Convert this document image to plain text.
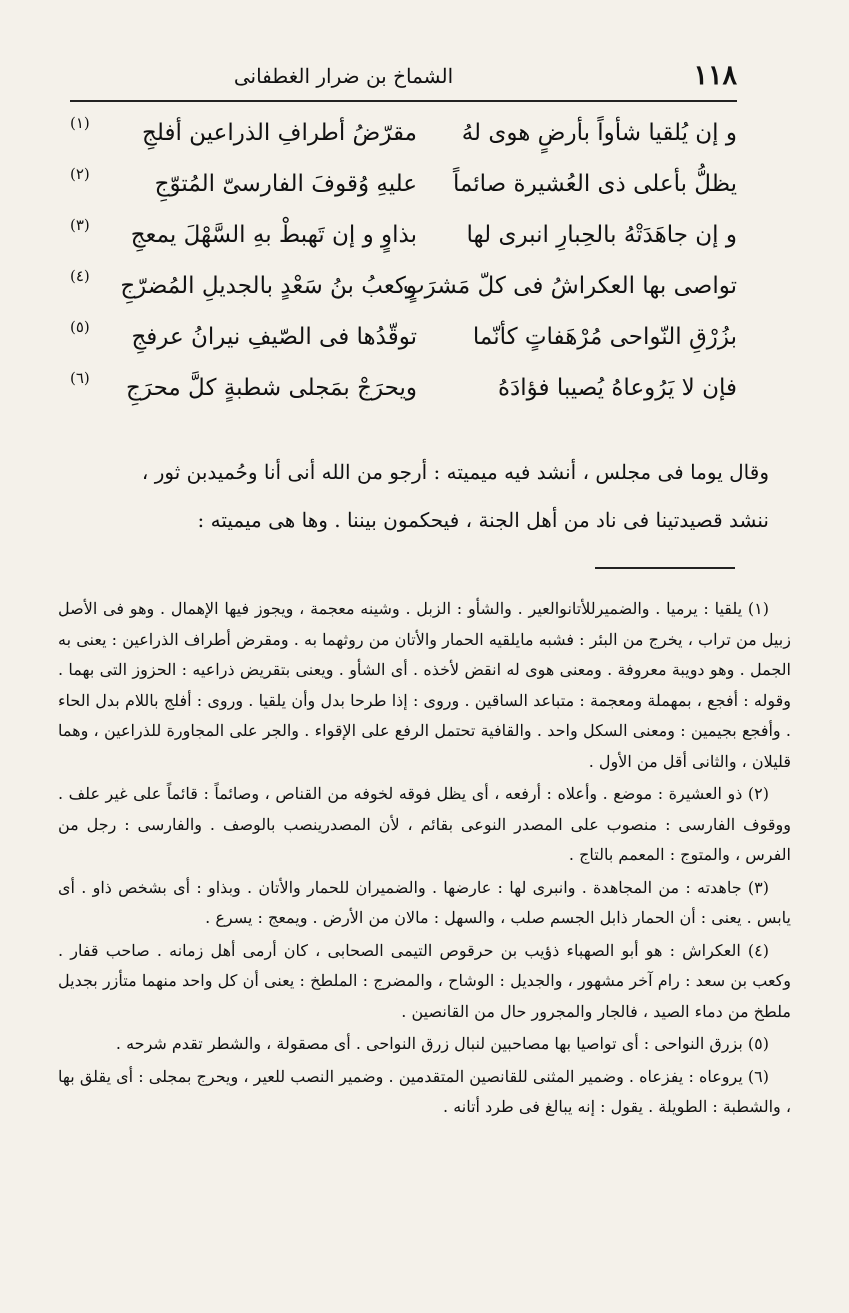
١١٨
الشماخ بن ضرار الغطفانى
و إن يُلقيا شأواً بأرضٍ هوى لهُ
مقرّضُ أطرافِ الذراعين أفلجِ
(١)
يظلُّ بأعلى ذى العُشيرة صائماً
عليهِ وُقوفَ الفارسىّ المُتوّجِ
(٢)
و إن جاهَدَتْهُ بالحِبارِ انبرى لها
بذاوٍ و إن تَهبطْ بهِ السَّهْلَ يمعجِ
(٣)
تواصى بها العكراشُ فى كلّ مَشرَبٍ
وكعبُ بنُ سَعْدٍ بالجديلِ المُضرّجِ
(٤)
بزُرْقِ النّواحى مُرْهَفاتٍ كأنّما
توقّدُها فى الصّيفِ نيرانُ عرفجِ
(٥)
فإن لا يَرُوعاهُ يُصيبا فؤادَهُ
ويحرَجْ بمَجلى شطبةٍ كلَّ محرَجِ
(٦)

وقال يوما فى مجلس ، أنشد فيه ميميته : أرجو من الله أنى أنا وحُميدبن ثور ،

ننشد قصيدتينا فى ناد من أهل الجنة ، فيحكمون بيننا . وها هى ميميته :

(١) يلقيا : يرميا . والضميرللأتانوالعير . والشأو : الزبل . وشينه معجمة ، ويجوز فيها الإهمال . وهو فى الأصل زبيل من تراب ، يخرج من البئر : فشبه مايلقيه الحمار والأتان من روثهما به . ومقرض أطراف الذراعين : يعنى به الجمل . وهو دويبة معروفة . ومعنى هوى له انقض لأخذه . أى الشأو . ويعنى بتقريض ذراعيه : الحزوز التى بهما . وقوله : أفجع ، بمهملة ومعجمة : متباعد الساقين . وروى : إذا طرحا بدل وأن يلقيا . وروى : أفلج باللام بدل الحاء . وأفجع بجيمين : ومعنى السكل واحد . والقافية تحتمل الرفع على الإقواء . والجر على المجاورة للذراعين ، وهما قليلان ، والثانى أقل من الأول .

(٢) ذو العشيرة : موضع . وأعلاه : أرفعه ، أى يظل فوقه لخوفه من القناص ، وصائماً : قائماً على غير علف . ووقوف الفارسى : منصوب على المصدر النوعى بقائم ، لأن المصدرينصب بالوصف . والفارسى : رجل من الفرس ، والمتوج : المعمم بالتاج .

(٣) جاهدته : من المجاهدة . وانبرى لها : عارضها . والضميران للحمار والأتان . وبذاو : أى بشخص ذاو . أى يابس . يعنى : أن الحمار ذابل الجسم صلب ، والسهل : مالان من الأرض . ويمعج : يسرع .

(٤) العكراش : هو أبو الصهباء ذؤيب بن حرقوص التيمى الصحابى ، كان أرمى أهل زمانه . صاحب قفار . وكعب بن سعد : رام آخر مشهور ، والجديل : الوشاح ، والمضرج : الملطخ : يعنى أن كل واحد منهما متأزر بجديل ملطخ من دماء الصيد ، فالجار والمجرور حال من القانصين .

(٥) بزرق النواحى : أى تواصيا بها مصاحبين لنبال زرق النواحى . أى مصقولة ، والشطر تقدم شرحه .

(٦) يروعاه : يفزعاه . وضمير المثنى للقانصين المتقدمين . وضمير النصب للعير ، ويحرج بمجلى : أى يقلق بها ، والشطبة : الطويلة . يقول : إنه يبالغ فى طرد أتانه .
